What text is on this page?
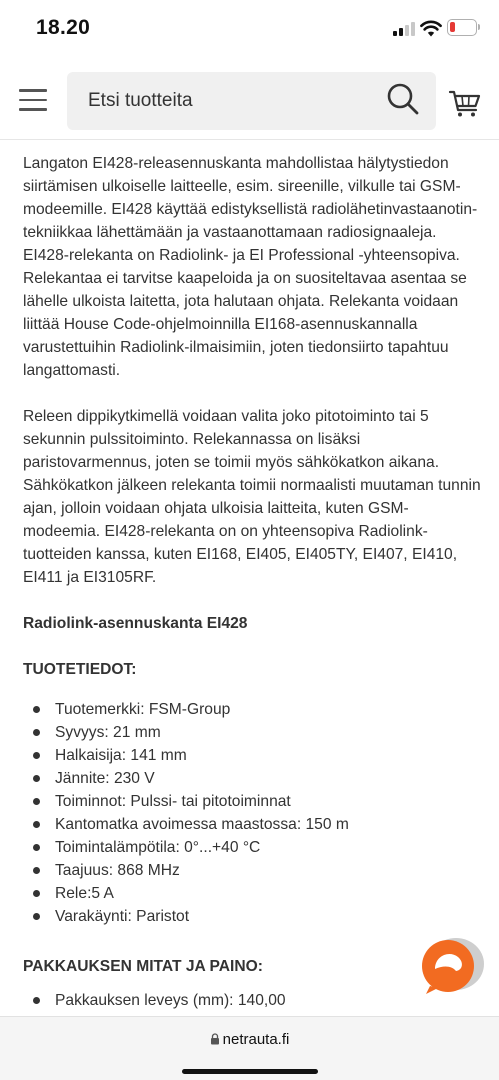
18.20
Etsi tuotteita

Langaton EI428-releasennuskanta mahdollistaa hälytystiedon siirtämisen ulkoiselle laitteelle, esim. sireenille, vilkulle tai GSM-modeemille. EI428 käyttää edistyksellistä radiolähetinvastaanotin-tekniikkaa lähettämään ja vastaanottamaan radiosignaaleja. EI428-relekanta on Radiolink- ja EI Professional -yhteensopiva. Relekantaa ei tarvitse kaapeloida ja on suositeltavaa asentaa se lähelle ulkoista laitetta, jota halutaan ohjata. Relekanta voidaan liittää House Code-ohjelmoinnilla EI168-asennuskannalla varustettuihin Radiolink-ilmaisimiin, joten tiedonsiirto tapahtuu langattomasti.

Releen dippikytkimellä voidaan valita joko pitotoiminto tai 5 sekunnin pulssitoiminto. Relekannassa on lisäksi paristovarmennus, joten se toimii myös sähkökatkon aikana. Sähkökatkon jälkeen relekanta toimii normaalisti muutaman tunnin ajan, jolloin voidaan ohjata ulkoisia laitteita, kuten GSM-modeemia. EI428-relekanta on on yhteensopiva Radiolink-tuotteiden kanssa, kuten EI168, EI405, EI405TY, EI407, EI410, EI411 ja EI3105RF.

Radiolink-asennuskanta EI428
TUOTETIEDOT:
Tuotemerkki: FSM-Group
Syvyys: 21 mm
Halkaisija: 141 mm
Jännite: 230 V
Toiminnot: Pulssi- tai pitotoiminnat
Kantomatka avoimessa maastossa: 150 m
Toimintalämpötila: 0°...+40 °C
Taajuus: 868 MHz
Rele:5 A
Varakäynti: Paristot
PAKKAUKSEN MITAT JA PAINO:
Pakkauksen leveys (mm): 140,00
netrauta.fi
